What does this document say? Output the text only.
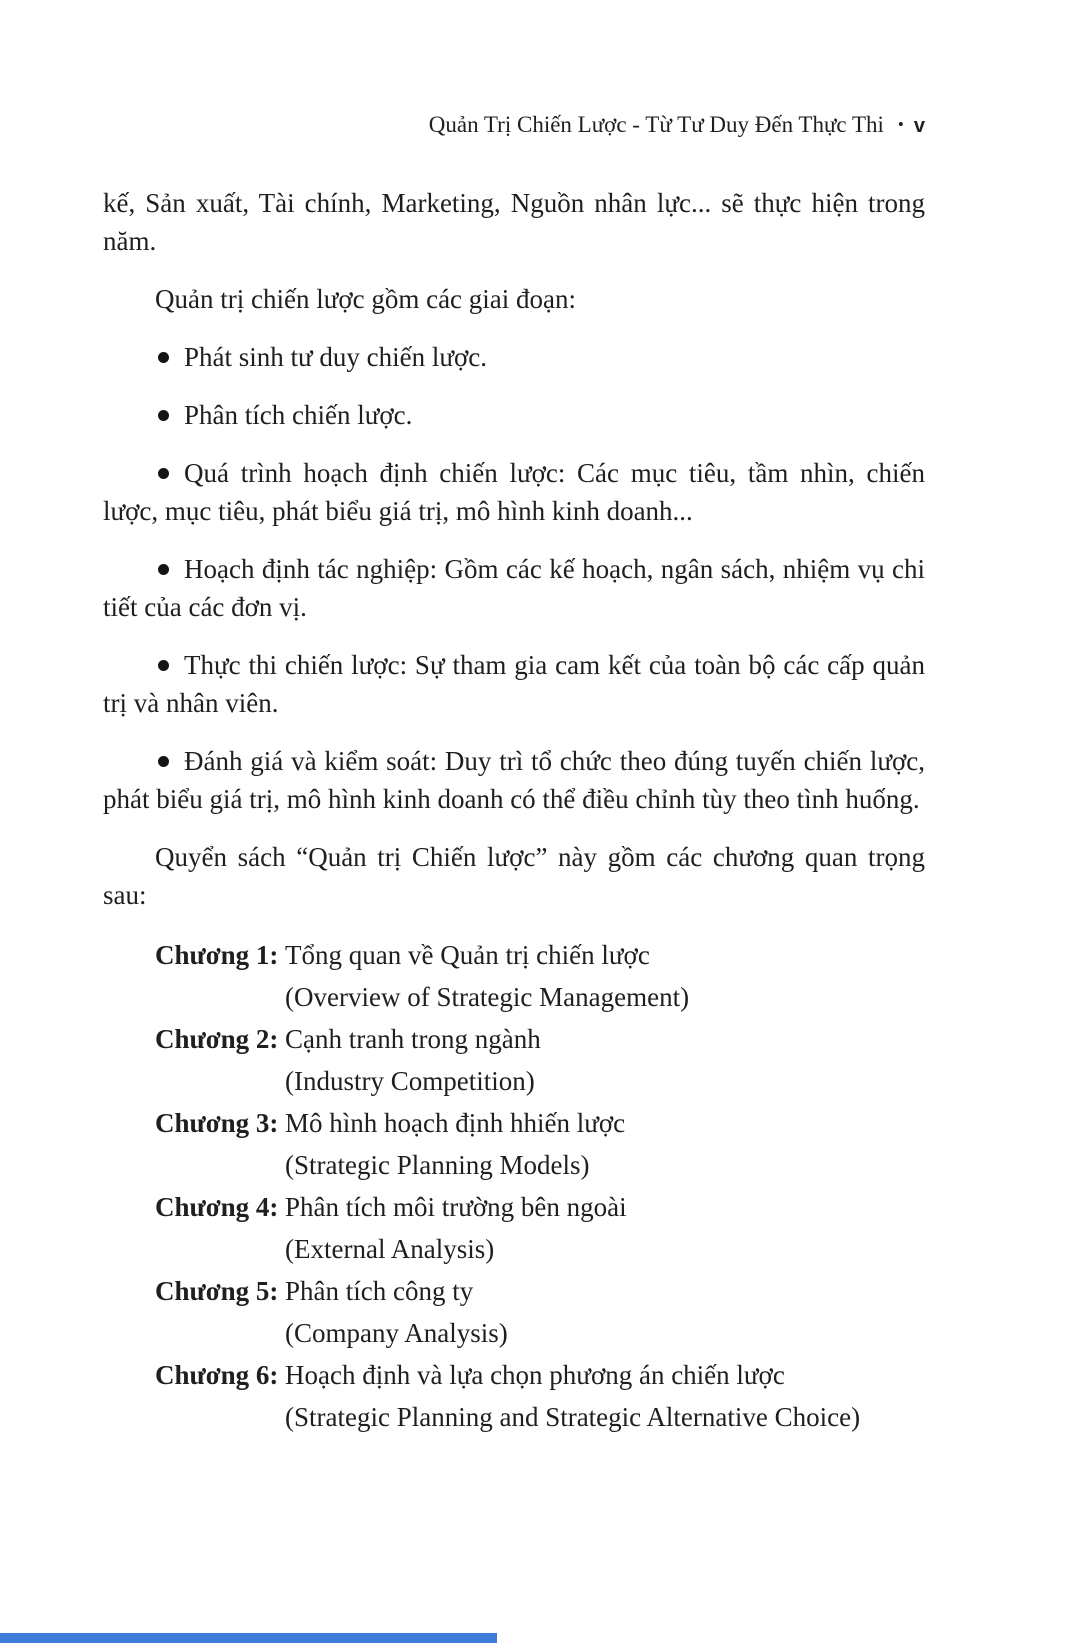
Quản Trị Chiến Lược - Từ Tư Duy Đến Thực Thi • v

kế, Sản xuất, Tài chính, Marketing, Nguồn nhân lực... sẽ thực hiện trong năm.

Quản trị chiến lược gồm các giai đoạn:

Phát sinh tư duy chiến lược.

Phân tích chiến lược.

Quá trình hoạch định chiến lược: Các mục tiêu, tầm nhìn, chiến lược, mục tiêu, phát biểu giá trị, mô hình kinh doanh...

Hoạch định tác nghiệp: Gồm các kế hoạch, ngân sách, nhiệm vụ chi tiết của các đơn vị.

Thực thi chiến lược: Sự tham gia cam kết của toàn bộ các cấp quản trị và nhân viên.

Đánh giá và kiểm soát: Duy trì tổ chức theo đúng tuyến chiến lược, phát biểu giá trị, mô hình kinh doanh có thể điều chỉnh tùy theo tình huống.

Quyển sách “Quản trị Chiến lược” này gồm các chương quan trọng sau:

Chương 1: Tổng quan về Quản trị chiến lược
(Overview of Strategic Management)
Chương 2: Cạnh tranh trong ngành
(Industry Competition)
Chương 3: Mô hình hoạch định hhiến lược
(Strategic Planning Models)
Chương 4: Phân tích môi trường bên ngoài
(External Analysis)
Chương 5: Phân tích công ty
(Company Analysis)
Chương 6: Hoạch định và lựa chọn phương án chiến lược
(Strategic Planning and Strategic Alternative Choice)
